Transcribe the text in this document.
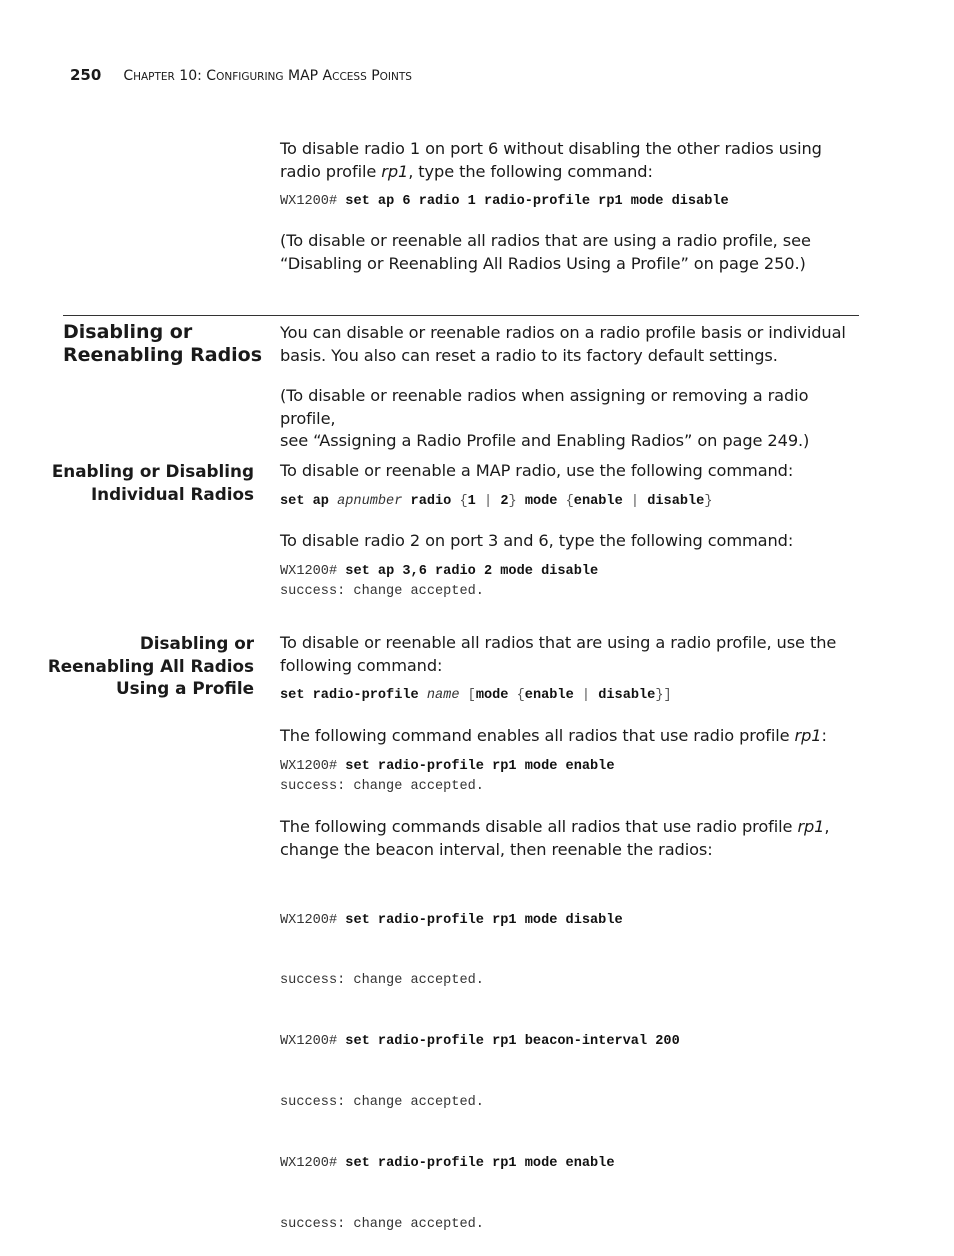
250 CHAPTER 10: CONFIGURING MAP ACCESS POINTS
To disable radio 1 on port 6 without disabling the other radios using radio profile rp1, type the following command:
WX1200# set ap 6 radio 1 radio-profile rp1 mode disable
(To disable or reenable all radios that are using a radio profile, see
“Disabling or Reenabling All Radios Using a Profile” on page 250.)
Disabling or
Reenabling Radios
You can disable or reenable radios on a radio profile basis or individual
basis. You also can reset a radio to its factory default settings.
(To disable or reenable radios when assigning or removing a radio profile,
see “Assigning a Radio Profile and Enabling Radios” on page 249.)
Enabling or Disabling
Individual Radios
To disable or reenable a MAP radio, use the following command:
set ap apnumber radio {1 | 2} mode {enable | disable}
To disable radio 2 on port 3 and 6, type the following command:
WX1200# set ap 3,6 radio 2 mode disable
success: change accepted.
Disabling or
Reenabling All Radios
Using a Profile
To disable or reenable all radios that are using a radio profile, use the
following command:
set radio-profile name [mode {enable | disable}]
The following command enables all radios that use radio profile rp1:
WX1200# set radio-profile rp1 mode enable
success: change accepted.
The following commands disable all radios that use radio profile rp1,
change the beacon interval, then reenable the radios:

WX1200# set radio-profile rp1 mode disable

success: change accepted.

WX1200# set radio-profile rp1 beacon-interval 200

success: change accepted.

WX1200# set radio-profile rp1 mode enable

success: change accepted.
